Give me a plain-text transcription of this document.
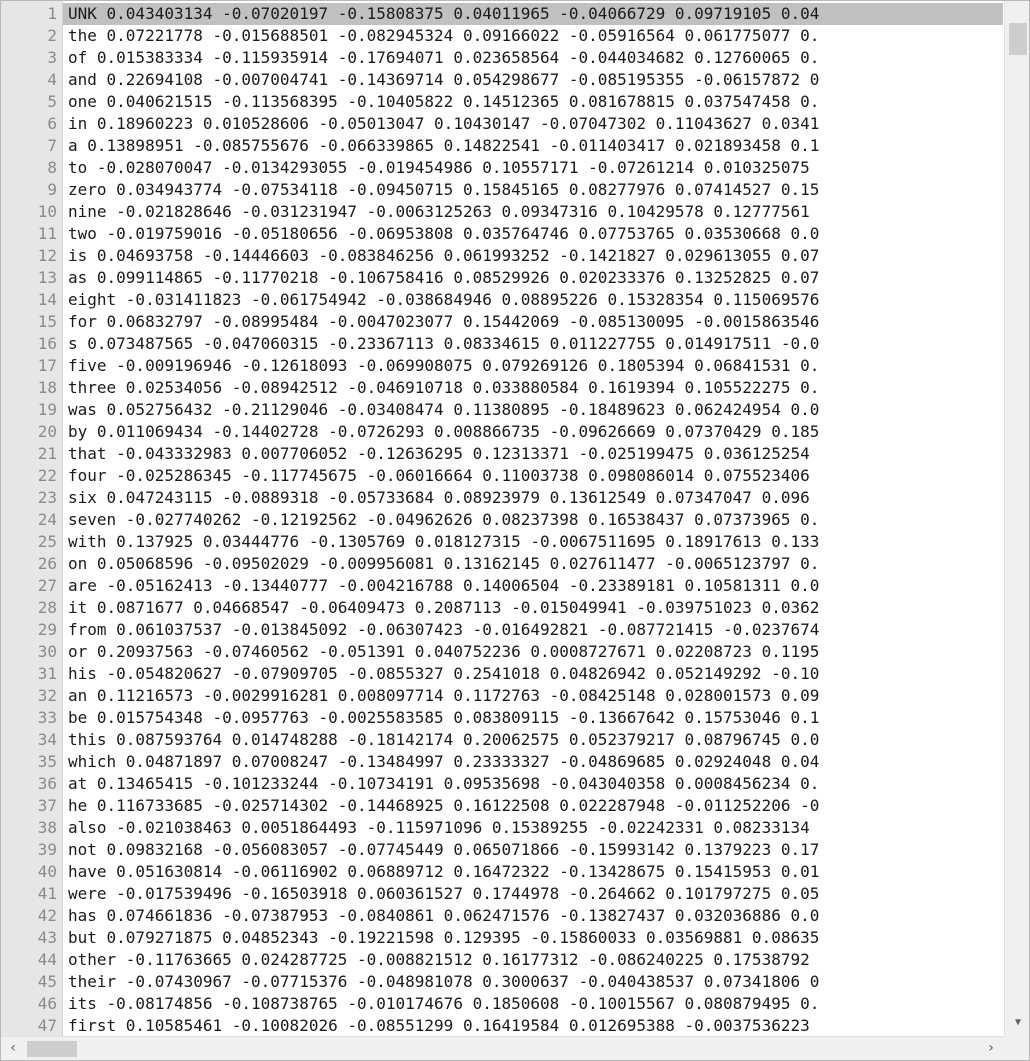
1
2
3
4
5
6
7
8
9
10
11
12
13
14
15
16
17
18
19
20
21
22
23
24
25
26
27
28
29
30
31
32
33
34
35
36
37
38
39
40
41
42
43
44
45
46
47
UNK 0.043403134 -0.07020197 -0.15808375 0.04011965 -0.04066729 0.09719105 0.04
the 0.07221778 -0.015688501 -0.082945324 0.09166022 -0.05916564 0.061775077 0.
of 0.015383334 -0.115935914 -0.17694071 0.023658564 -0.044034682 0.12760065 0.
and 0.22694108 -0.007004741 -0.14369714 0.054298677 -0.085195355 -0.06157872 0
one 0.040621515 -0.113568395 -0.10405822 0.14512365 0.081678815 0.037547458 0.
in 0.18960223 0.010528606 -0.05013047 0.10430147 -0.07047302 0.11043627 0.0341
a 0.13898951 -0.085755676 -0.066339865 0.14822541 -0.011403417 0.021893458 0.1
to -0.028070047 -0.0134293055 -0.019454986 0.10557171 -0.07261214 0.010325075
zero 0.034943774 -0.07534118 -0.09450715 0.15845165 0.08277976 0.07414527 0.15
nine -0.021828646 -0.031231947 -0.0063125263 0.09347316 0.10429578 0.12777561
two -0.019759016 -0.05180656 -0.06953808 0.035764746 0.07753765 0.03530668 0.0
is 0.04693758 -0.14446603 -0.083846256 0.061993252 -0.1421827 0.029613055 0.07
as 0.099114865 -0.11770218 -0.106758416 0.08529926 0.020233376 0.13252825 0.07
eight -0.031411823 -0.061754942 -0.038684946 0.08895226 0.15328354 0.115069576
for 0.06832797 -0.08995484 -0.0047023077 0.15442069 -0.085130095 -0.0015863546
s 0.073487565 -0.047060315 -0.23367113 0.08334615 0.011227755 0.014917511 -0.0
five -0.009196946 -0.12618093 -0.069908075 0.079269126 0.1805394 0.06841531 0.
three 0.02534056 -0.08942512 -0.046910718 0.033880584 0.1619394 0.105522275 0.
was 0.052756432 -0.21129046 -0.03408474 0.11380895 -0.18489623 0.062424954 0.0
by 0.011069434 -0.14402728 -0.0726293 0.008866735 -0.09626669 0.07370429 0.185
that -0.043332983 0.007706052 -0.12636295 0.12313371 -0.025199475 0.036125254
four -0.025286345 -0.117745675 -0.06016664 0.11003738 0.098086014 0.075523406
six 0.047243115 -0.0889318 -0.05733684 0.08923979 0.13612549 0.07347047 0.096
seven -0.027740262 -0.12192562 -0.04962626 0.08237398 0.16538437 0.07373965 0.
with 0.137925 0.03444776 -0.1305769 0.018127315 -0.0067511695 0.18917613 0.133
on 0.05068596 -0.09502029 -0.009956081 0.13162145 0.027611477 -0.0065123797 0.
are -0.05162413 -0.13440777 -0.004216788 0.14006504 -0.23389181 0.10581311 0.0
it 0.0871677 0.04668547 -0.06409473 0.2087113 -0.015049941 -0.039751023 0.0362
from 0.061037537 -0.013845092 -0.06307423 -0.016492821 -0.087721415 -0.0237674
or 0.20937563 -0.07460562 -0.051391 0.040752236 0.0008727671 0.02208723 0.1195
his -0.054820627 -0.07909705 -0.0855327 0.2541018 0.04826942 0.052149292 -0.10
an 0.11216573 -0.0029916281 0.008097714 0.1172763 -0.08425148 0.028001573 0.09
be 0.015754348 -0.0957763 -0.0025583585 0.083809115 -0.13667642 0.15753046 0.1
this 0.087593764 0.014748288 -0.18142174 0.20062575 0.052379217 0.08796745 0.0
which 0.04871897 0.07008247 -0.13484997 0.23333327 -0.04869685 0.02924048 0.04
at 0.13465415 -0.101233244 -0.10734191 0.09535698 -0.043040358 0.0008456234 0.
he 0.116733685 -0.025714302 -0.14468925 0.16122508 0.022287948 -0.011252206 -0
also -0.021038463 0.0051864493 -0.115971096 0.15389255 -0.02242331 0.08233134
not 0.09832168 -0.056083057 -0.07745449 0.065071866 -0.15993142 0.1379223 0.17
have 0.051630814 -0.06116902 0.06889712 0.16472322 -0.13428675 0.15415953 0.01
were -0.017539496 -0.16503918 0.060361527 0.1744978 -0.264662 0.101797275 0.05
has 0.074661836 -0.07387953 -0.0840861 0.062471576 -0.13827437 0.032036886 0.0
but 0.079271875 0.04852343 -0.19221598 0.129395 -0.15860033 0.03569881 0.08635
other -0.11763665 0.024287725 -0.008821512 0.16177312 -0.086240225 0.17538792
their -0.07430967 -0.07715376 -0.048981078 0.3000637 -0.040438537 0.07341806 0
its -0.08174856 -0.108738765 -0.010174676 0.1850608 -0.10015567 0.080879495 0.
first 0.10585461 -0.10082026 -0.08551299 0.16419584 0.012695388 -0.0037536223	▼
‹	›
